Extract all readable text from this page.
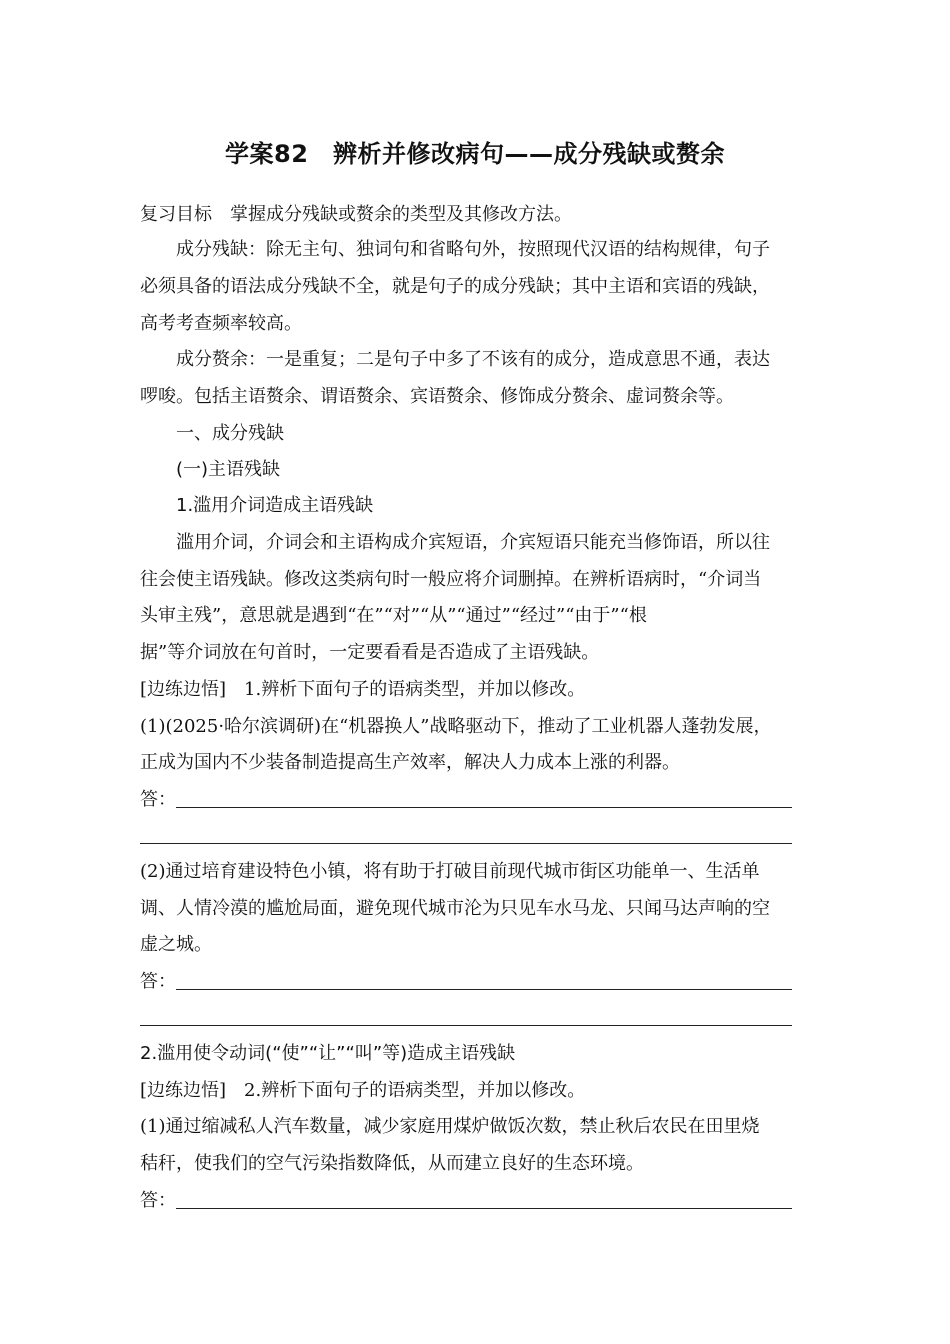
学案82　辨析并修改病句——成分残缺或赘余
复习目标　掌握成分残缺或赘余的类型及其修改方法。
成分残缺：除无主句、独词句和省略句外，按照现代汉语的结构规律，句子
必须具备的语法成分残缺不全，就是句子的成分残缺；其中主语和宾语的残缺，
高考考查频率较高。
成分赘余：一是重复；二是句子中多了不该有的成分，造成意思不通，表达
啰唆。包括主语赘余、谓语赘余、宾语赘余、修饰成分赘余、虚词赘余等。
一、成分残缺
(一)主语残缺
1.滥用介词造成主语残缺
滥用介词，介词会和主语构成介宾短语，介宾短语只能充当修饰语，所以往
往会使主语残缺。修改这类病句时一般应将介词删掉。在辨析语病时，“介词当
头审主残”，意思就是遇到“在”“对”“从”“通过”“经过”“由于”“根
据”等介词放在句首时，一定要看看是否造成了主语残缺。
[边练边悟]　1.辨析下面句子的语病类型，并加以修改。
(1)(2025·哈尔滨调研)在“机器换人”战略驱动下，推动了工业机器人蓬勃发展，
正成为国内不少装备制造提高生产效率，解决人力成本上涨的利器。
答：
(2)通过培育建设特色小镇，将有助于打破目前现代城市街区功能单一、生活单
调、人情冷漠的尴尬局面，避免现代城市沦为只见车水马龙、只闻马达声响的空
虚之城。
答：
2.滥用使令动词(“使”“让”“叫”等)造成主语残缺
[边练边悟]　2.辨析下面句子的语病类型，并加以修改。
(1)通过缩减私人汽车数量，减少家庭用煤炉做饭次数，禁止秋后农民在田里烧
秸秆，使我们的空气污染指数降低，从而建立良好的生态环境。
答：
